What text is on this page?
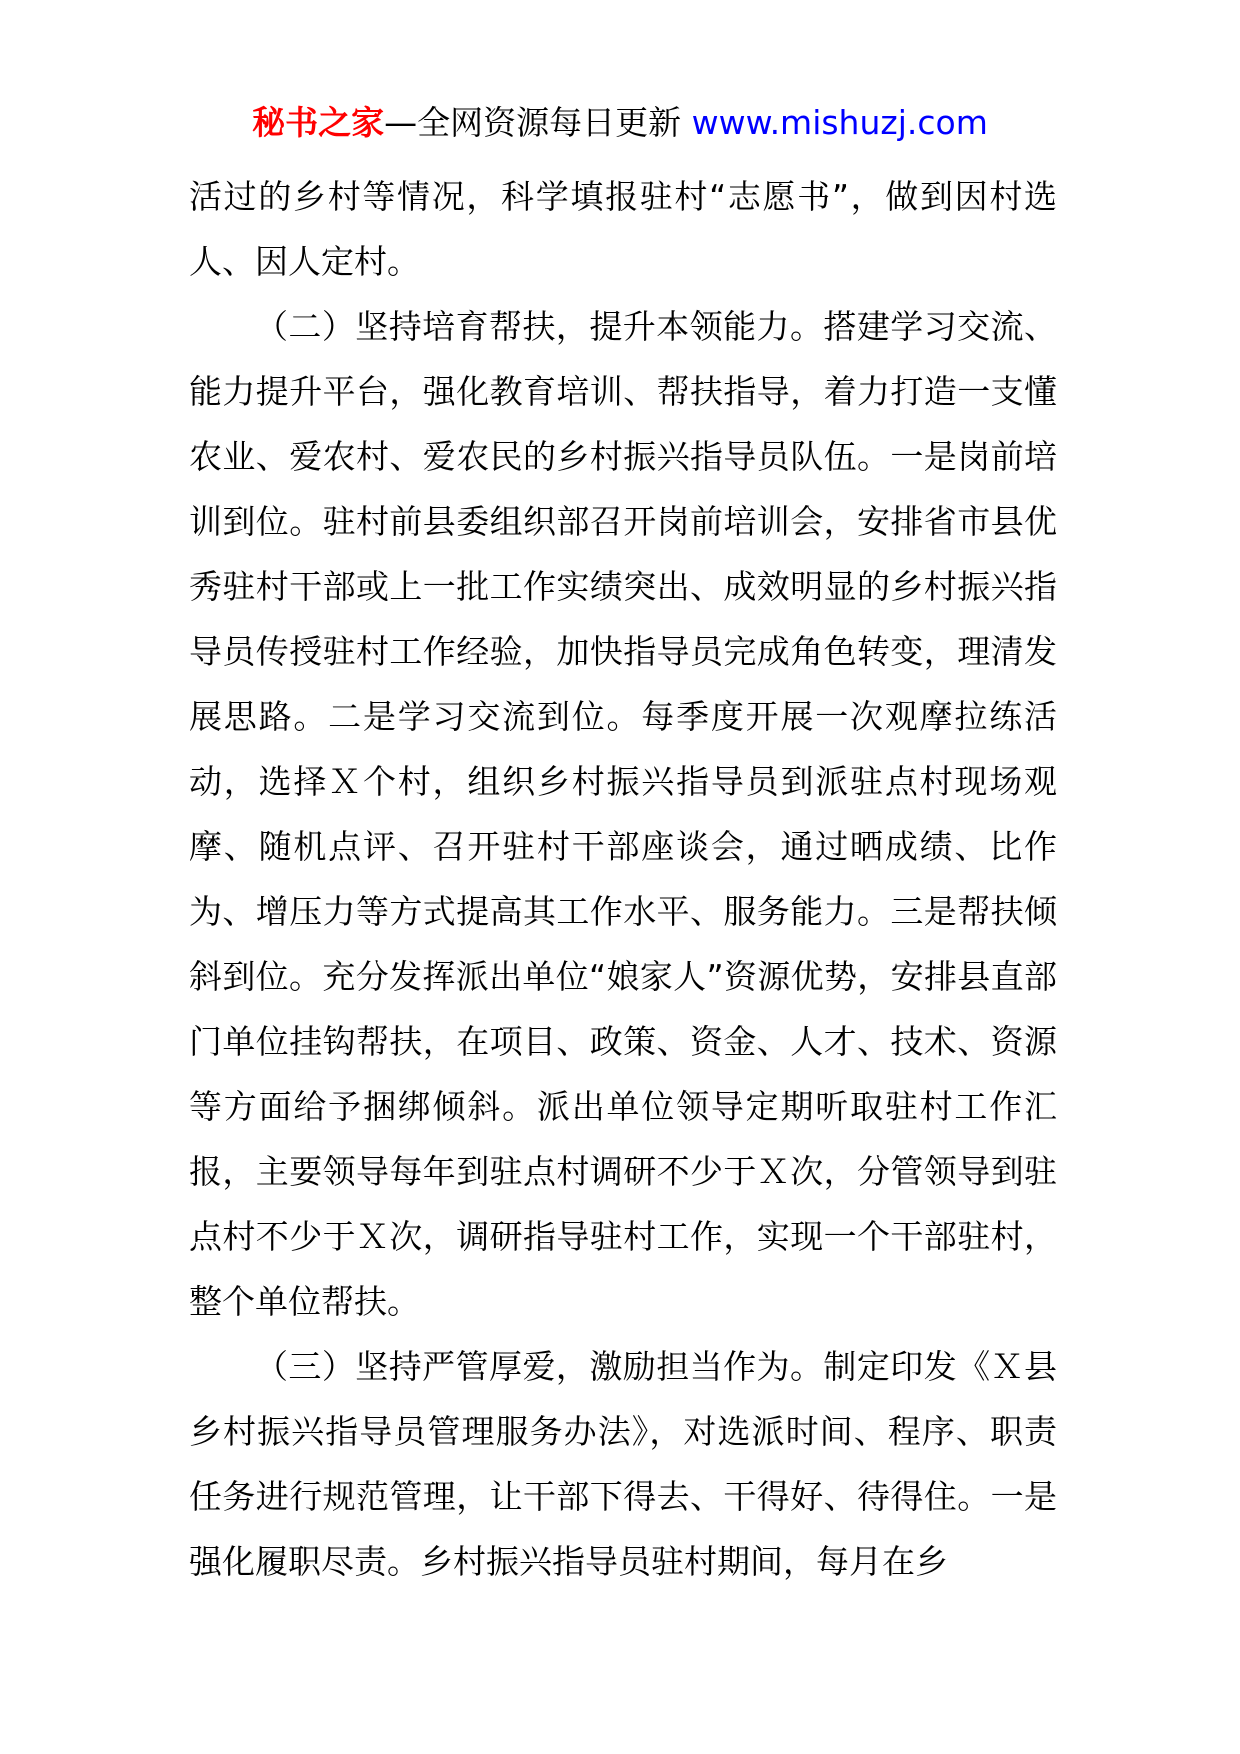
秘书之家—全网资源每日更新 www.mishuzj.com

活过的乡村等情况，科学填报驻村“志愿书”，做到因村选人、因人定村。

（二）坚持培育帮扶，提升本领能力。搭建学习交流、能力提升平台，强化教育培训、帮扶指导，着力打造一支懂农业、爱农村、爱农民的乡村振兴指导员队伍。一是岗前培训到位。驻村前县委组织部召开岗前培训会，安排省市县优秀驻村干部或上一批工作实绩突出、成效明显的乡村振兴指导员传授驻村工作经验，加快指导员完成角色转变，理清发展思路。二是学习交流到位。每季度开展一次观摩拉练活动，选择Ｘ个村，组织乡村振兴指导员到派驻点村现场观摩、随机点评、召开驻村干部座谈会，通过晒成绩、比作为、增压力等方式提高其工作水平、服务能力。三是帮扶倾斜到位。充分发挥派出单位“娘家人”资源优势，安排县直部门单位挂钩帮扶，在项目、政策、资金、人才、技术、资源等方面给予捆绑倾斜。派出单位领导定期听取驻村工作汇报，主要领导每年到驻点村调研不少于Ｘ次，分管领导到驻点村不少于Ｘ次，调研指导驻村工作，实现一个干部驻村，整个单位帮扶。

（三）坚持严管厚爱，激励担当作为。制定印发《Ｘ县乡村振兴指导员管理服务办法》，对选派时间、程序、职责任务进行规范管理，让干部下得去、干得好、待得住。一是强化履职尽责。乡村振兴指导员驻村期间，每月在乡
